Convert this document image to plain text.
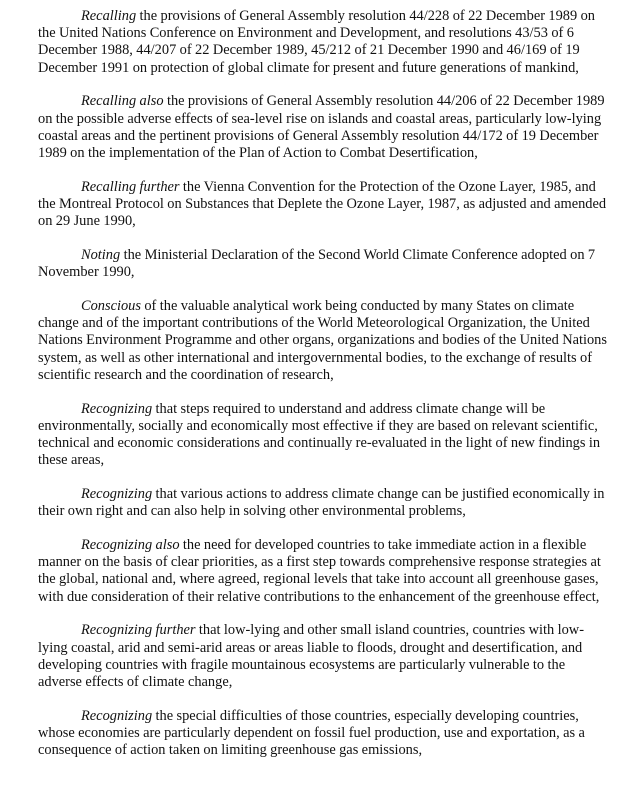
Recalling the provisions of General Assembly resolution 44/228 of 22 December 1989 on the United Nations Conference on Environment and Development, and resolutions 43/53 of 6 December 1988, 44/207 of 22 December 1989, 45/212 of 21 December 1990 and 46/169 of 19 December 1991 on protection of global climate for present and future generations of mankind,

Recalling also the provisions of General Assembly resolution 44/206 of 22 December 1989 on the possible adverse effects of sea-level rise on islands and coastal areas, particularly low-lying coastal areas and the pertinent provisions of General Assembly resolution 44/172 of 19 December 1989 on the implementation of the Plan of Action to Combat Desertification,

Recalling further the Vienna Convention for the Protection of the Ozone Layer, 1985, and the Montreal Protocol on Substances that Deplete the Ozone Layer, 1987, as adjusted and amended on 29 June 1990,

Noting the Ministerial Declaration of the Second World Climate Conference adopted on 7 November 1990,

Conscious of the valuable analytical work being conducted by many States on climate change and of the important contributions of the World Meteorological Organization, the United Nations Environment Programme and other organs, organizations and bodies of the United Nations system, as well as other international and intergovernmental bodies, to the exchange of results of scientific research and the coordination of research,

Recognizing that steps required to understand and address climate change will be environmentally, socially and economically most effective if they are based on relevant scientific, technical and economic considerations and continually re-evaluated in the light of new findings in these areas,

Recognizing that various actions to address climate change can be justified economically in their own right and can also help in solving other environmental problems,

Recognizing also the need for developed countries to take immediate action in a flexible manner on the basis of clear priorities, as a first step towards comprehensive response strategies at the global, national and, where agreed, regional levels that take into account all greenhouse gases, with due consideration of their relative contributions to the enhancement of the greenhouse effect,

Recognizing further that low-lying and other small island countries, countries with low-lying coastal, arid and semi-arid areas or areas liable to floods, drought and desertification, and developing countries with fragile mountainous ecosystems are particularly vulnerable to the adverse effects of climate change,

Recognizing the special difficulties of those countries, especially developing countries, whose economies are particularly dependent on fossil fuel production, use and exportation, as a consequence of action taken on limiting greenhouse gas emissions,
